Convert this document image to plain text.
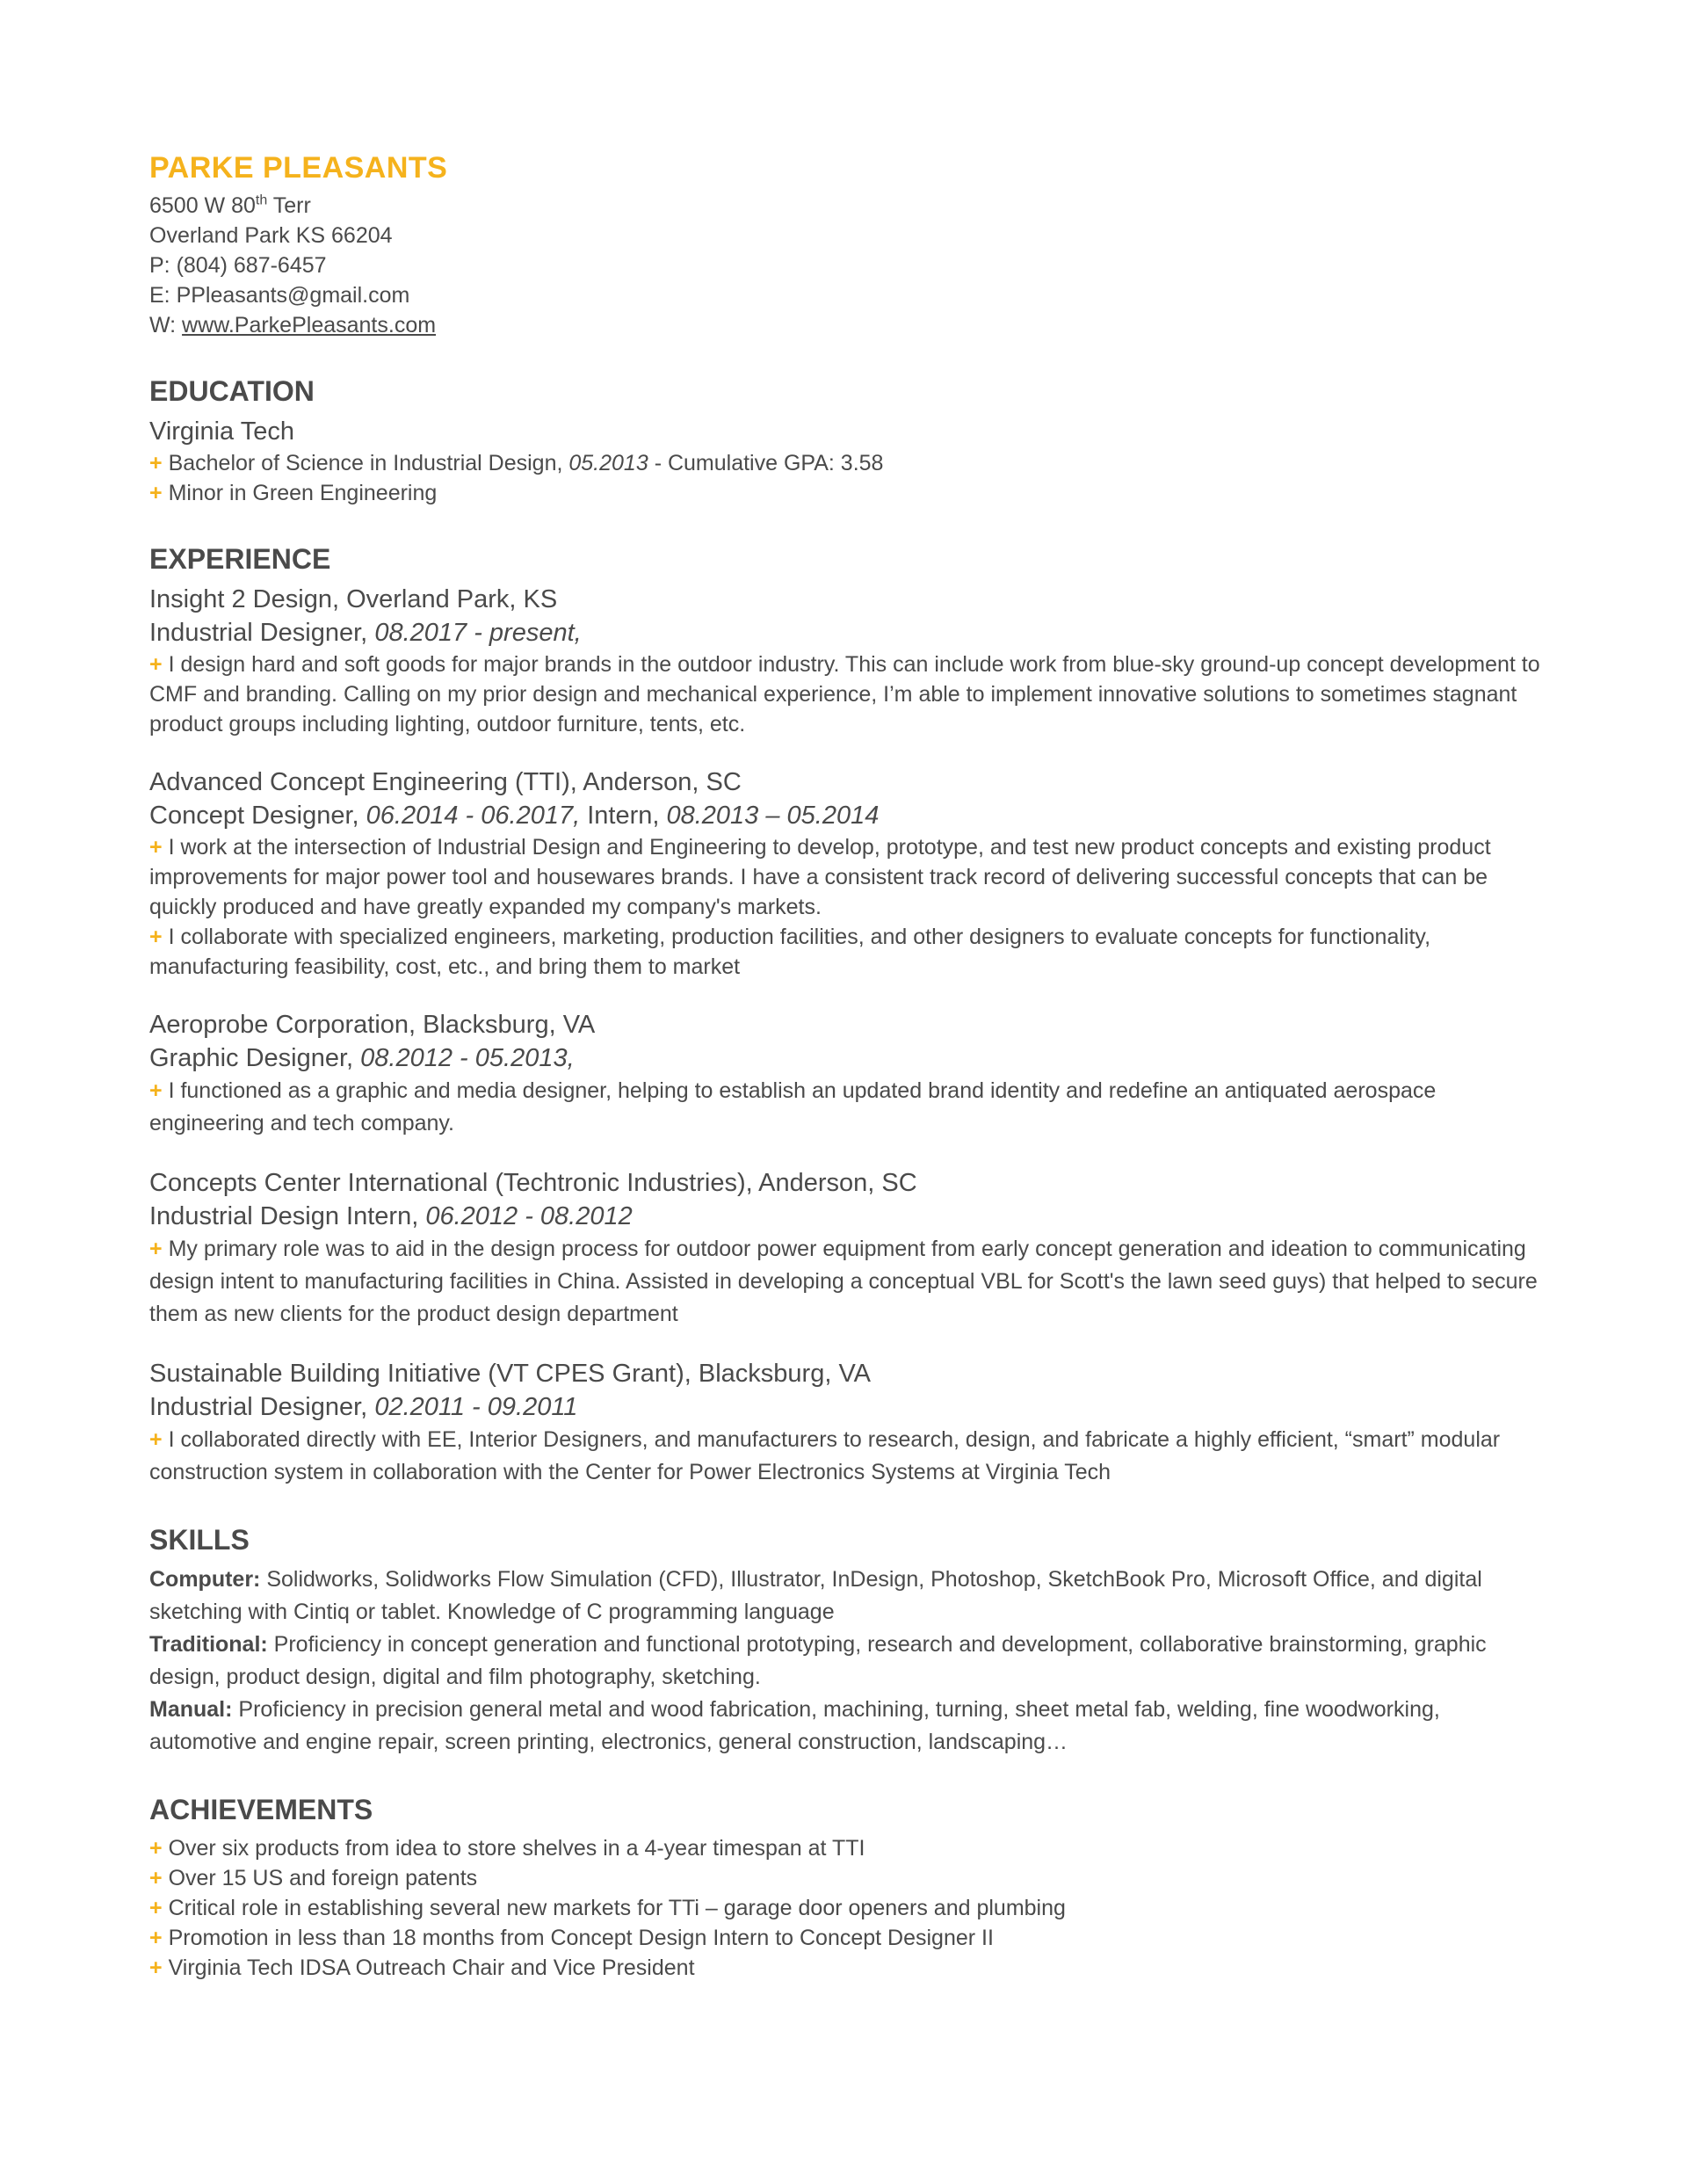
PARKE PLEASANTS
6500 W 80th Terr
Overland Park KS 66204
P: (804) 687-6457
E: PPleasants@gmail.com
W: www.ParkePleasants.com
EDUCATION
Virginia Tech
+ Bachelor of Science in Industrial Design, 05.2013 - Cumulative GPA: 3.58
+ Minor in Green Engineering
EXPERIENCE
Insight 2 Design, Overland Park, KS
Industrial Designer, 08.2017 - present,
+ I design hard and soft goods for major brands in the outdoor industry. This can include work from blue-sky ground-up concept development to CMF and branding. Calling on my prior design and mechanical experience, I’m able to implement innovative solutions to sometimes stagnant product groups including lighting, outdoor furniture, tents, etc.
Advanced Concept Engineering (TTI), Anderson, SC
Concept Designer, 06.2014 - 06.2017, Intern, 08.2013 – 05.2014
+ I work at the intersection of Industrial Design and Engineering to develop, prototype, and test new product concepts and existing product improvements for major power tool and housewares brands. I have a consistent track record of delivering successful concepts that can be quickly produced and have greatly expanded my company's markets.
+ I collaborate with specialized engineers, marketing, production facilities, and other designers to evaluate concepts for functionality, manufacturing feasibility, cost, etc., and bring them to market
Aeroprobe Corporation, Blacksburg, VA
Graphic Designer, 08.2012 - 05.2013,
+ I functioned as a graphic and media designer, helping to establish an updated brand identity and redefine an antiquated aerospace engineering and tech company.
Concepts Center International (Techtronic Industries), Anderson, SC
Industrial Design Intern, 06.2012 - 08.2012
+ My primary role was to aid in the design process for outdoor power equipment from early concept generation and ideation to communicating design intent to manufacturing facilities in China. Assisted in developing a conceptual VBL for Scott's the lawn seed guys) that helped to secure them as new clients for the product design department
Sustainable Building Initiative (VT CPES Grant), Blacksburg, VA
Industrial Designer, 02.2011 - 09.2011
+ I collaborated directly with EE, Interior Designers, and manufacturers to research, design, and fabricate a highly efficient, “smart” modular construction system in collaboration with the Center for Power Electronics Systems at Virginia Tech
SKILLS
Computer: Solidworks, Solidworks Flow Simulation (CFD), Illustrator, InDesign, Photoshop, SketchBook Pro, Microsoft Office, and digital sketching with Cintiq or tablet. Knowledge of C programming language
Traditional: Proficiency in concept generation and functional prototyping, research and development, collaborative brainstorming, graphic design, product design, digital and film photography, sketching.
Manual: Proficiency in precision general metal and wood fabrication, machining, turning, sheet metal fab, welding, fine woodworking, automotive and engine repair, screen printing, electronics, general construction, landscaping…
ACHIEVEMENTS
+ Over six products from idea to store shelves in a 4-year timespan at TTI
+ Over 15 US and foreign patents
+ Critical role in establishing several new markets for TTi – garage door openers and plumbing
+ Promotion in less than 18 months from Concept Design Intern to Concept Designer II
+ Virginia Tech IDSA Outreach Chair and Vice President
